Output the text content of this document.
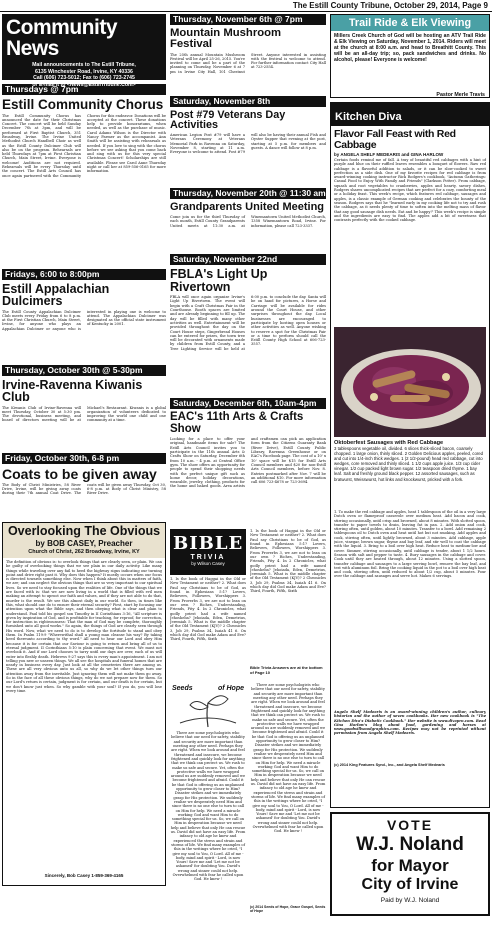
The Estill County Tribune, October 29, 2014, Page 9
Community News
Mail announcements to The Estill Tribune,
6135 Winchester Road, Irvine, KY 40336
Call (606) 723-5012; Fax to (606) 723-2745
or E-mail it to <News@EstillTribune.Com>
Thursdays @ 7pm
Estill Community Chorus
The Estill Community Chorus has announced the date for their Christmas Concert. The concert will be held Sunday December 7th at 3pm, and will be performed at First Baptist Church, 351 Broadway, Irvine. The Irvine United Methodist Church Handbell Choir as well as the Estill County Dulcimer Club will also be on the program. Rehearsals are held Thursdays at 7pm at First Christian Church, Main Street, Irvine. Everyone is welcome! Auditions are not required. Rehearsals will be every Thursday until the concert. The Estill Arts Council has once again partnered with the Community Chorus for this endeavor. Donations will be accepted at the concert. These donations help to provide honorariums, when needed, as well as the purchase of music. Carol Adams Wilson is the Director with Nancy Farmer as the accompanist. Ann Smith will be assisting with rehearsals as needed. If you love to sing with the chorus before we see asking that you come back and sing with us for this very special Christmas Concert! Scholarships are still available. Please see Carol Anne Thursday night or call her at 859-556-0165 for more information.
Fridays, 6:00 to 8:00pm
Estill Appalachian Dulcimers
The Estill County Appalachian Dulcimer Club meets every Friday from 6 to 8 p.m. at the First Christian Church, Main Street, Irvine, for anyone who plays an Appalachian Dulcimer or anyone who is interested in playing one is welcome to attend. The Appalachian Dulcimer was designated as the official state instrument of Kentucky in 2001.
Thursday, October 30th @ 5-30pm
Irvine-Ravenna Kiwanis Club
The Kiwanis Club of Irvine-Ravenna will meet Thursday, October 30 at 5:30 pm. The devotional, business meeting, and board of directors meeting will be at Michael's Restaurant. Kiwanis is a global organization of volunteers dedicated to improving the world one child and one community at a time.
Friday, October 30th, 6-8 pm
Coats to be given away
The Body of Christ Ministries, 58 River Drive, Irvine, will be giving away coats during their 7th annual Coat Drive. The coats will be given away Thursday, Oct 30, 6-8 p.m. at Body of Christ Ministry, 58 River Drive.
Overlooking The Obvious
by BOB CASEY, Preacher
Church of Christ, 262 Broadway, Irvine, KY
The definition of obvious is: to overlook things that are clearly seen, or plain. We can be guilty of overlooking things that we see plain in our daily activity. Like many things while traveling over any fail to heed the highway signs indicating our turning point and drive right past it. Why does this happen? It mostly occurs when our focus is directed towards something else. Now when I think about this in matters of faith, we are; and can neglect the obvious things that are so very important to our spiritual lives. So we need to stay focused upon the realities of life. One of the things that we are faced with is: that we are now living in a world that is filled with evil men making an attempt to uproot our faith and values, and if they are not able to do that, murder is the result. We see this almost daily in our world. So then, in times like this, what should one do to ensure their eternal security? First, start by focusing our attention upon what the Bible says, and then obeying what is clear and plain to understand. Paul told his gospel son Timothy in II Corinthians 3:16, "All scripture is given by inspiration of God, and is profitable for teaching, for reproof, for correction, for instruction in righteousness: That the man of God may be complete, thoroughly furnished unto all good works." So again, the things of God are clearly seen through His word. Now, what we need to do is to develop the fortitude to stand and obey them. In Psalm 119:9 "Wherewithal shall a young man cleanse his way? By taking heed thereunto according to thy word." All need to hear our Lord and obey Him because it is for certain that our Saviour is going to return and bring all of us to eternal judgment. II Corinthians 5:10 is plain concerning that event. We must not overlook it. And if our Lord chooses to tarry until our days are over, each of us will enter into fleshly death. Hebrews 9:27 says this is every man's appointment. I am not telling you new or unseen things. We all see the hospitals and funeral homes that are nearly in business every day. Just look at all the cemeteries there are among us. These are all very obvious unto us all, so why do we let other things turn our attention away from the inevitable. Just ignoring them will not make them go away. So in the face of all these obvious things, why do we not prepare now for them. So our Lord's return is certain, judgment is for certain, and our death is for certain, but we don't know just when. So why gamble with your soul? If you do, you will lose every time.
Sincerely, Bob Casey 1-859-369-4165
Thursday, November 6th @ 7pm
Mountain Mushroom Festival
The 25th annual Mountain Mushroom Festival will be April 25-26, 2015. You're invited to come and be a part of the planning on Thursday, November 6 at 7 pm in Irvine City Hall, 101 Chestnut Street. Anyone interested in assisting with the festival is welcome to attend. For further information contact City Hall at 723-2554.
Saturday, November 8th
Post #79 Veterans Day Activities
American Legion Post #79 will have a Veterans Ceremony at Veterans Memorial Park in Ravenna on Saturday, November 8, starting at 11 a.m. Everyone is welcome to attend. Post #79 will also be having their annual Fish and Oyster Supper that evening at the post, starting at 5 p.m. for members and guests. A dance will follow at 8 p.m.
Thursday, November 20th @ 11:30 am
Grandparents United Meeting
Come join us for the third Thursday of each month, Estill County Grandparents United meets at 11:30 a.m. at Winemantown United Methodist Church, 1358 Winemantown Road, Irvine. For information, please call 723-3337.
Saturday, November 22nd
FBLA's Light Up Rivertown
FBLA will once again organize Irvine's Light Up Rivertown. The event will begin with a Craft Christmas Fair in the Courthouse. Booth spaces are limited and are already beginning to fill up. The day will be filled with many other activities as well. Entertainment will be provided throughout the day on the Court House steps, Gingerbread Houses can be entered for prizes, the town tree will be decorated with ornaments made by children from Estill County, and a Tree Lighting Service will be held at 6:00 p.m. to conclude the day. Santa will be on hand for pictures, a Horse and Carriage will be available for rides around the Court House, and other surprises throughout the day. Local businesses are encouraged to participate by hosting open houses or other activities as well. Anyone wishing to reserve a spot for the Christmas Fair or a time to perform should call the Estill County High School at 606-723-3557.
Saturday, December 6th, 10am-4pm
EAC's 11th Arts & Crafts Show
Looking for a place to offer your original, handmade items for sale? The Estill Arts Council invites you to participate in the 11th annual Arts & Crafts Show on Saturday, December 6th from 10 a.m. - 4 p.m. at Central Office gym. The show offers an opportunity for people to spend their shopping needs with the perfect unique gift such as home decor, holiday decorations, wearable, jewelry, clothing, products for the home and baked goods. Area artists and craftsmen can pick an application form from the Citizens Guaranty Bank (River Drive), Estill County Public Library, Ravenna Greenhouse or on EAC's Facebook page. The cost of a 10' x 10' space will be $15 for Estill Arts Council members and $20 for non-Estill Arts Council members, before Nov. 8. Entries postmarked after Nov. 7 will be an additional $10. For more information call 606 723-4678 or 723-3694.
BIBLE
TRIVIA
by Wilson Casey
1. Is the book of Haggai in the Old or New Testament or neither? 2. What does Paul say Christians to be of God, as found in Ephesians 5:1? Lovers, Believers, Followers, Worshippers 3. From Proverbs 3, we are not to lean on our own ? Riches, Understanding, Friends, Pity 4. In 2 Chronicles, what godly priest had a wife named Jehosheba? Jehoiada, Eden, Demetrius, Jeremiah 5. What is the middle chapter of the Old Testament (KJV)? 2 Chronicles 3, Job 29, Psalms 34, Isaiah 41 6. On which day did God make Adam and Eve? Third, Fourth, Fifth, Sixth
1. Is the book of Haggai in the Old or New Testament or neither? 2. What does Paul say Christians to be of God, as found in Ephesians 5:1? Lovers, Believers, Followers, Worshippers 3. From Proverbs 3, we are not to lean on our own ? Riches, Understanding, Friends, Pity 4. In 2 Chronicles, what godly priest had a wife named Jehosheba? Jehoiada, Eden, Demetrius, Jeremiah 5. What is the middle chapter of the Old Testament (KJV)? 2 Chronicles 3, Job 29, Psalms 34, Isaiah 41 6. On which day did God make Adam and Eve? Third, Fourth, Fifth, Sixth
Bible Trivia Answers are at the bottom of Page 10
Seeds	of Hope
There are some psychologists who believe that our need for safety, stability and security are more important than meeting any other need. Perhaps they are right. When we look around and feel threatened and insecure, we become frightened and quickly look for anything that we think can protect us. We rush to make us safe and secure. Yet, often the protective walls we have wrapped around us are suddenly removed and we become frightened and afraid. Could it be that God is offering us an unplanned opportunity to grow closer to Him? Disaster strikes and we immediately grasp for His protection. We suddenly realize we desperately need Him and since there is no one else to turn to call on Him for help. We need a miracle working God and want Him to do something special for us. So, we call on Him in desperation because we need help and believe that only He can rescue us. David did not have an easy life. From infancy to old age he knew and experienced the stress and strain and storms of life. We find many examples of this in the writings where he cried, "I give my soul to You, O Lord. All of me - body, mind and spirit - Lord, is now Yours! Save me and 'Let me not be ashamed' for doubting You. David's wrong and sinner could not help. Overwhelmed with fear he called upon God. He knew !
There are some psychologists who believe that our need for safety, stability and security are more important than meeting any other need. Perhaps they are right. When we look around and feel threatened and insecure, we become frightened and quickly look for anything that we think can protect us. We rush to make us safe and secure. Yet, often the protective walls we have wrapped around us are suddenly removed and we become frightened and afraid. Could it be that God is offering us an unplanned opportunity to grow closer to Him? Disaster strikes and we immediately grasp for His protection. We suddenly realize we desperately need Him and since there is no one else to turn to call on Him for help. We need a miracle working God and want Him to do something special for us. So, we call on Him in desperation because we need help and believe that only He can rescue us. David did not have an easy life. From infancy to old age he knew and experienced the stress and strain and storms of life. We find many examples of this in the writings where he cried, "I give my soul to You, O Lord. All of me - body, mind and spirit - Lord, is now Yours! Save me and 'Let me not be ashamed' for doubting You. David's wrong and sinner could not help. Overwhelmed with fear he called upon God. He knew !
(c) 2014 Seeds of Hope, Grace Gospel, Seeds of Hope
Trail Ride & Elk Viewing
Millers Creek Church of God will be hosting an ATV Trail Ride & Elk Viewing on Saturday, November 1, 2014. Riders will meet at the church at 8:00 a.m. and head to Breathitt County. This will be an all-day trip; so, pack sandwiches and drinks. No alcohol, please! Everyone is welcome!
Pastor Merle Travis
Kitchen Diva
Flavor Fall Feast with Red Cabbage
by ANGELA SHELF MEDEARIS and GINA HARLOW
Certain foods remind me of fall. A tray of beautiful red cabbages with a hint of purple and blue on their ruffled leaves resembles a bouquet of flowers. Raw red cabbage is a flavorful addition to salads, or it can be slow-cooked to sweet perfection as a side dish. One of my favorite recipes for red cabbage is from award-winning cooking instructor Rick Rodgers's cookbook, "Autumn Gatherings: Casual Food to Enjoy With Family and Friends" (Clarkson Potter). From cabbage, squash and root vegetables to cranberries, apples and hearty, savory dishes, Rodgers shares uncomplicated recipes that are perfect for a cozy, comforting meal or a holiday feast. This week's recipe, which features red cabbage, sausages and apples, is a classic example of German cooking and celebrates the bounty of the season. Rodgers says that he "learned early in my cooking life not to try and rush the cabbage, as it needs plenty of time to soften into the melting mass of flavor that any good sausage dish needs. Eat and be happy!" This week's recipe is simple and the ingredients are easy to find. The apples add a bit of sweetness that contrasts perfectly with the cooked cabbage.
Oktoberfest Sausages with Red Cabbage
3 tablespoons vegetable oil, divided. 6 slices thick-sliced bacon, coarsely chopped. 1 large onion, thinly sliced. 2 Golden Delicious apples, peeled, cored and cut into 1/4-inch thick wedges. 1 (2 1/2-pound) head red cabbage, cut into wedges, core removed and thinly sliced. 1 1/2 cups apple juice. 1/3 cup cider vinegar. 1/2 cup packed light brown sugar. 1/2 teaspoon dried thyme. 1 bay leaf. Salt and freshly ground black pepper. 12 assorted sausages, such as bratwurst, Weisswurst, hot links and knockwurst, pricked with a fork.
1. To make the red cabbage and apples, heat 1 tablespoon of the oil in a very large Dutch oven or flameproof casserole over medium heat. Add bacon and cook, stirring occasionally, until crisp and browned, about 8 minutes. With slotted spoon, transfer to paper towels to drain, leaving fat in pan. 2. Add onion and cook, stirring often, until golden, about 10 minutes. Transfer to a bowl. Add remaining 2 tablespoons oil to Dutch oven and heat until hot but not smoking. Add apples and cook, stirring often, until lightly browned, about 3 minutes. Add cabbage, apple juice, vinegar, brown sugar, thyme and bay leaf, and stir well to coat the cabbage with the liquid. 3. Bring to a boil over high heat. Reduce heat to medium-low and cover. Simmer, stirring occasionally, until cabbage is tender, about 1 1/2 hours. Season with salt and pepper to taste. 4. Bury sausages in the cabbage and cover. Cook until they are heated through, about 12 minutes. Using a slotted spoon, transfer cabbage and sausages to a large serving bowl, remove the bay leaf, and test with aluminum foil. Bring the cooking liquid in the pot to a boil over high heat and cook, stirring often, until reduced to about 1/2 cup, about 5 minutes. Pour over the cabbage and sausages and serve hot. Makes 6 servings.
Angela Shelf Medearis is an award-winning children's author, culinary historian and the author of seven cookbooks. Her new cookbook is "The Kitchen Diva's Diabetic Cookbook." Her website is www.divapro.com. Read Gina Harlow's blog about food, gardening and horses at www.goodwillwoodgraphics.com. Recipes may not be reprinted without permission from Angela Shelf Medearis.
(c) 2014 King Features Synd., Inc., and Angela Shelf Medearis
VOTE
W.J. Noland
for Mayor
City of Irvine
Paid by W.J. Noland
